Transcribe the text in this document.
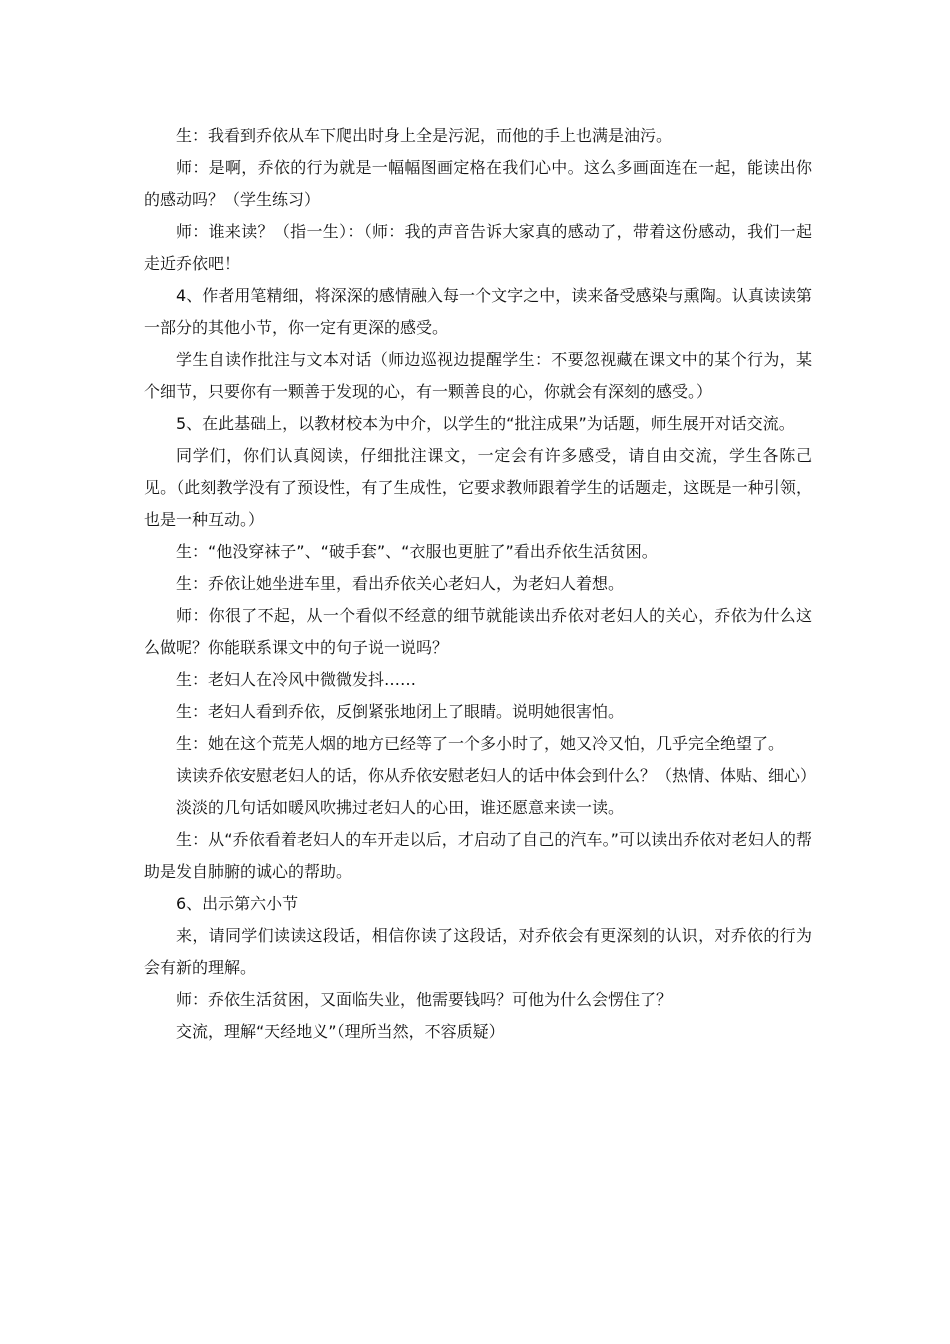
生：我看到乔依从车下爬出时身上全是污泥，而他的手上也满是油污。

师：是啊，乔依的行为就是一幅幅图画定格在我们心中。这么多画面连在一起，能读出你的感动吗？（学生练习）

师：谁来读？（指一生）：（师：我的声音告诉大家真的感动了，带着这份感动，我们一起走近乔依吧！

4、作者用笔精细，将深深的感情融入每一个文字之中，读来备受感染与熏陶。认真读读第一部分的其他小节，你一定有更深的感受。

学生自读作批注与文本对话（师边巡视边提醒学生：不要忽视藏在课文中的某个行为，某个细节，只要你有一颗善于发现的心，有一颗善良的心，你就会有深刻的感受。）

5、在此基础上，以教材校本为中介，以学生的“批注成果”为话题，师生展开对话交流。

同学们，你们认真阅读，仔细批注课文，一定会有许多感受，请自由交流，学生各陈己见。（此刻教学没有了预设性，有了生成性，它要求教师跟着学生的话题走，这既是一种引领，也是一种互动。）

生：“他没穿袜子”、“破手套”、“衣服也更脏了”看出乔依生活贫困。

生：乔依让她坐进车里，看出乔依关心老妇人，为老妇人着想。

师：你很了不起，从一个看似不经意的细节就能读出乔依对老妇人的关心，乔依为什么这么做呢？你能联系课文中的句子说一说吗？

生：老妇人在冷风中微微发抖……

生：老妇人看到乔依，反倒紧张地闭上了眼睛。说明她很害怕。

生：她在这个荒芜人烟的地方已经等了一个多小时了，她又冷又怕，几乎完全绝望了。

读读乔依安慰老妇人的话，你从乔依安慰老妇人的话中体会到什么？（热情、体贴、细心）

淡淡的几句话如暖风吹拂过老妇人的心田，谁还愿意来读一读。

生：从“乔依看着老妇人的车开走以后，才启动了自己的汽车。”可以读出乔依对老妇人的帮助是发自肺腑的诚心的帮助。

6、出示第六小节

来，请同学们读读这段话，相信你读了这段话，对乔依会有更深刻的认识，对乔依的行为会有新的理解。

师：乔依生活贫困，又面临失业，他需要钱吗？可他为什么会愣住了？

交流，理解“天经地义”（理所当然，不容质疑）
